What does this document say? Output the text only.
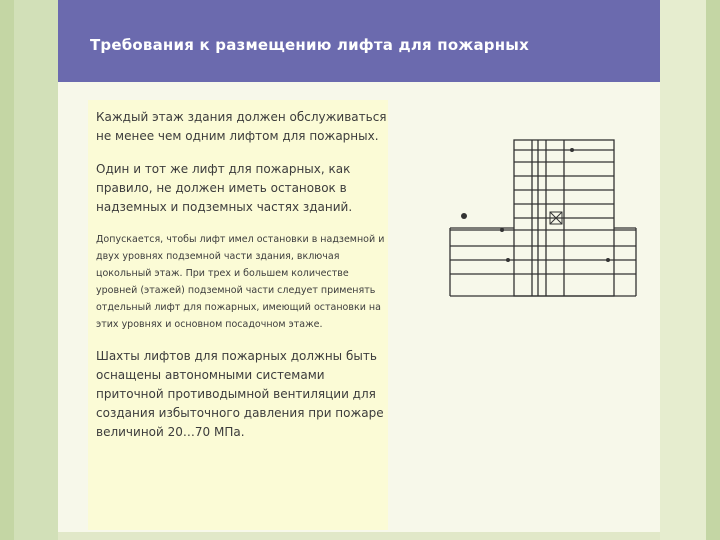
Требования к размещению лифта для пожарных

Каждый этаж здания должен обслуживаться не менее чем одним лифтом для пожарных.

Один и тот же лифт для пожарных, как правило, не должен иметь остановок в надземных и подземных частях зданий.

Допускается, чтобы лифт имел остановки в надземной и двух уровнях подземной части здания, включая цокольный этаж. При трех и большем количестве уровней (этажей) подземной части следует применять отдельный лифт для пожарных, имеющий остановки на этих уровнях и основном посадочном этаже.

Шахты лифтов для пожарных должны быть оснащены автономными системами приточной противодымной вентиляции для создания избыточного давления при пожаре величиной 20…70 МПа.
